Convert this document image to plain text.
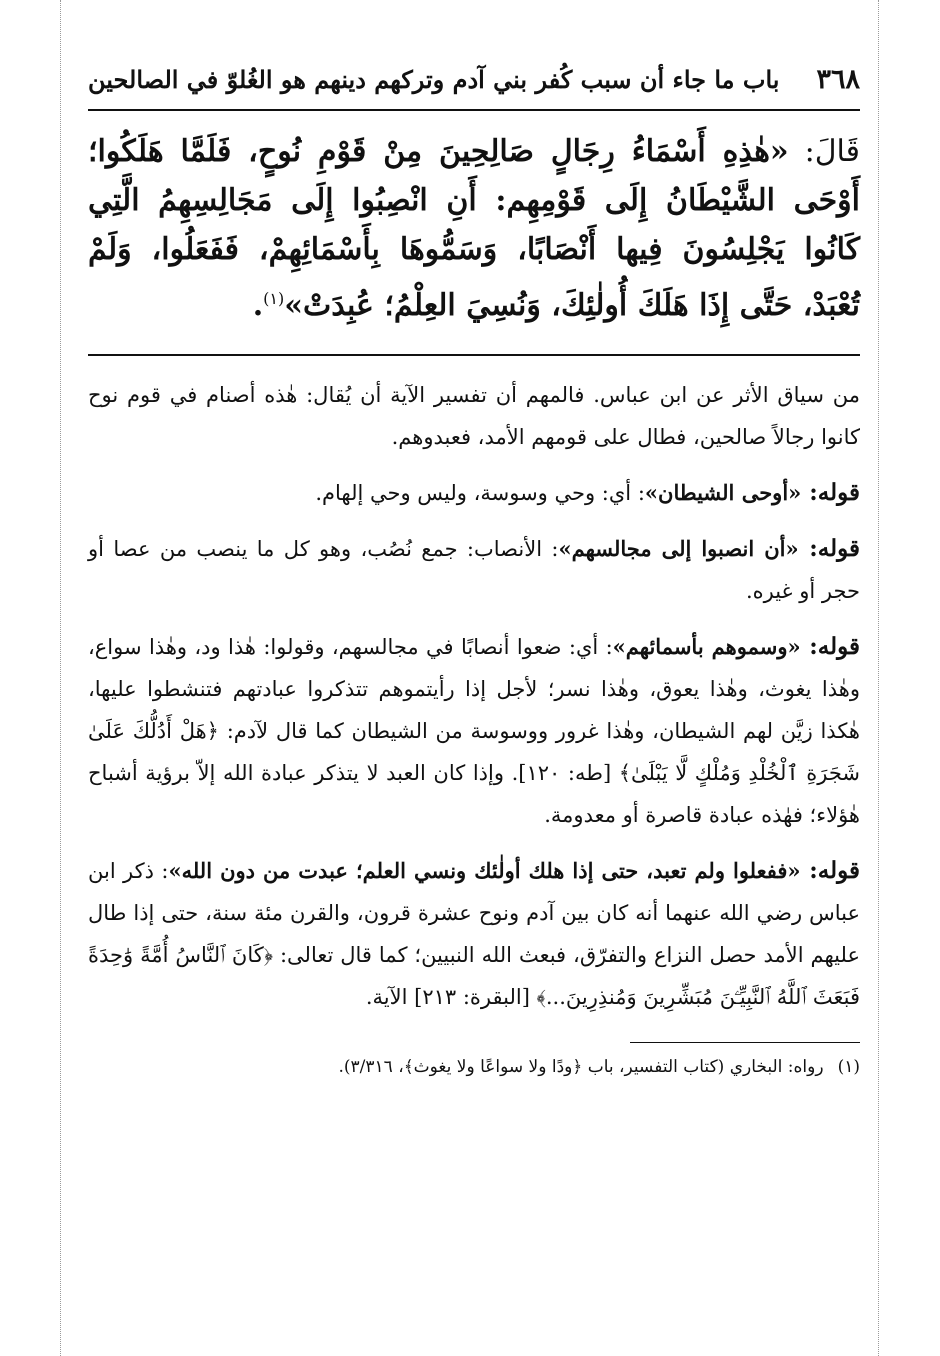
٣٦٨
باب ما جاء أن سبب كُفر بني آدم وتركهم دينهم هو الغُلوّ في الصالحين
قَالَ: «هٰذِهِ أَسْمَاءُ رِجَالٍ صَالِحِينَ مِنْ قَوْمِ نُوحٍ، فَلَمَّا هَلَكُوا؛ أَوْحَى الشَّيْطَانُ إِلَى قَوْمِهِم: أَنِ انْصِبُوا إِلَى مَجَالِسِهِمُ الَّتِي كَانُوا يَجْلِسُونَ فِيها أَنْصَابًا، وَسَمُّوهَا بِأَسْمَائِهِمْ، فَفَعَلُوا، وَلَمْ تُعْبَدْ، حَتَّى إِذَا هَلَكَ أُولٰئِكَ، وَنُسِيَ العِلْمُ؛ عُبِدَتْ»$^{(١)}$.

من سياق الأثر عن ابن عباس. فالمهم أن تفسير الآية أن يُقال: هٰذه أصنام في قوم نوح كانوا رجالاً صالحين، فطال على قومهم الأمد، فعبدوهم.

قوله: «أوحى الشيطان»: أي: وحي وسوسة، وليس وحي إلهام.

قوله: «أن انصبوا إلى مجالسهم»: الأنصاب: جمع نُصُب، وهو كل ما ينصب من عصا أو حجر أو غيره.

قوله: «وسموهم بأسمائهم»: أي: ضعوا أنصابًا في مجالسهم، وقولوا: هٰذا ود، وهٰذا سواع، وهٰذا يغوث، وهٰذا يعوق، وهٰذا نسر؛ لأجل إذا رأيتموهم تتذكروا عبادتهم فتنشطوا عليها، هٰكذا زيَّن لهم الشيطان، وهٰذا غرور ووسوسة من الشيطان كما قال لآدم: ﴿هَلْ أَدُلُّكَ عَلَىٰ شَجَرَةِ ٱلْخُلْدِ وَمُلْكٍ لَّا يَبْلَىٰ﴾ [طه: ١٢٠]. وإذا كان العبد لا يتذكر عبادة الله إلاّ برؤية أشباح هٰؤلاء؛ فهٰذه عبادة قاصرة أو معدومة.

قوله: «ففعلوا ولم تعبد، حتى إذا هلك أولٰئك ونسي العلم؛ عبدت من دون الله»: ذكر ابن عباس رضي الله عنهما أنه كان بين آدم ونوح عشرة قرون، والقرن مئة سنة، حتى إذا طال عليهم الأمد حصل النزاع والتفرّق، فبعث الله النبيين؛ كما قال تعالى: ﴿كَانَ ٱلنَّاسُ أُمَّةً وَٰحِدَةً فَبَعَثَ ٱللَّهُ ٱلنَّبِيِّـۧنَ مُبَشِّرِينَ وَمُنذِرِينَ...﴾ [البقرة: ٢١٣] الآية.

(١)
رواه: البخاري (كتاب التفسير، باب ﴿ودًا ولا سواعًا ولا يغوث﴾، ٣/٣١٦).
